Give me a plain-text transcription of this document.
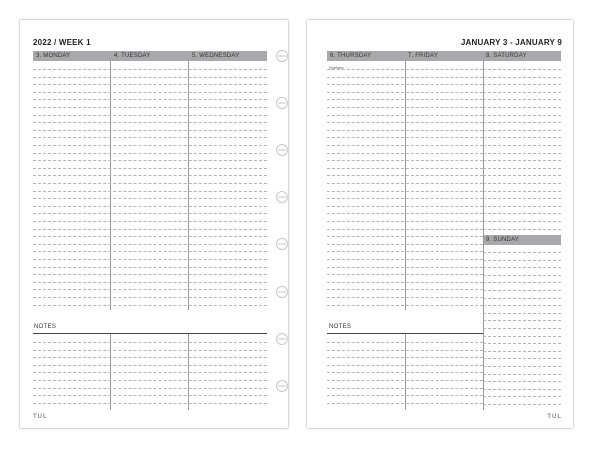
2022 / WEEK 1
3. MONDAY	4. TUESDAY	5. WEDNESDAY
NOTES
TUL
JANUARY 3 - JANUARY 9
6. THURSDAY	7. FRIDAY	8. SATURDAY
9. SUNDAY
Epiphany
NOTES
TUL
